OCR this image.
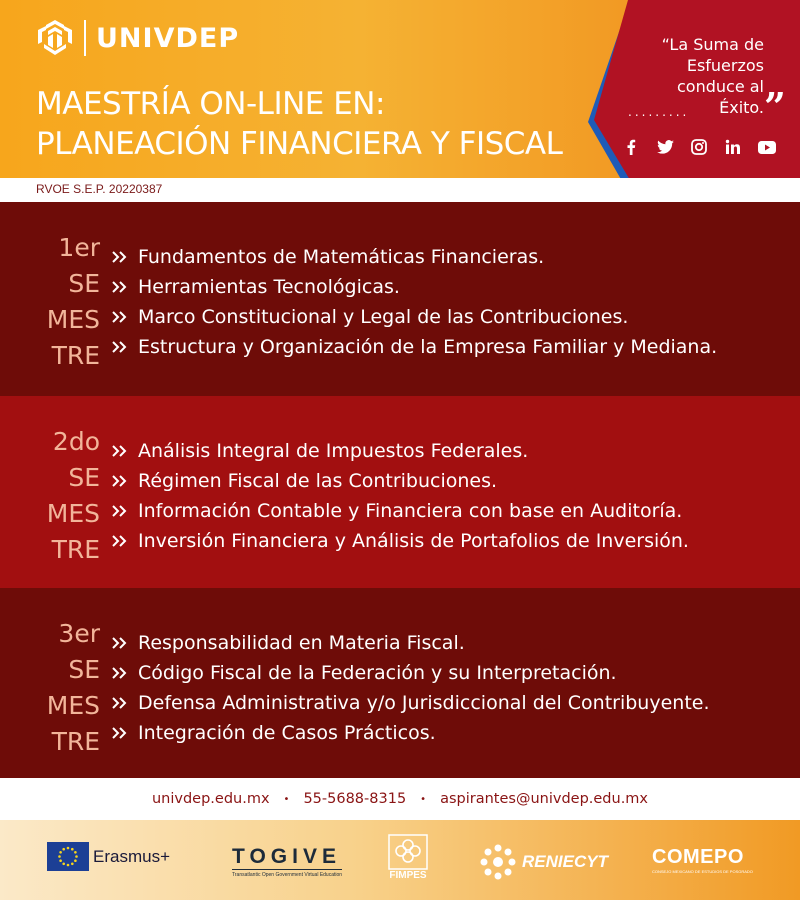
UNIVDEP
MAESTRÍA ON-LINE EN:
PLANEACIÓN FINANCIERA Y FISCAL
“La Suma de
Esfuerzos
conduce al
Éxito.
......... ”
RVOE S.E.P. 20220387
1er
SE
MES
TRE
Fundamentos de Matemáticas Financieras.
Herramientas Tecnológicas.
Marco Constitucional y Legal de las Contribuciones.
Estructura y Organización de la Empresa Familiar y Mediana.
2do
SE
MES
TRE
Análisis Integral de Impuestos Federales.
Régimen Fiscal de las Contribuciones.
Información Contable y Financiera con base en Auditoría.
Inversión Financiera y Análisis de Portafolios de Inversión.
3er
SE
MES
TRE
Responsabilidad en Materia Fiscal.
Código Fiscal de la Federación y su Interpretación.
Defensa Administrativa y/o Jurisdiccional del Contribuyente.
Integración de Casos Prácticos.
univdep.edu.mx • 55-5688-8315 • aspirantes@univdep.edu.mx
Erasmus+	TOGIVE
Transatlantic Open Government Virtual Education	FIMPES
RENIECYT COMEPO
CONSEJO MEXICANO DE ESTUDIOS DE POSGRADO
